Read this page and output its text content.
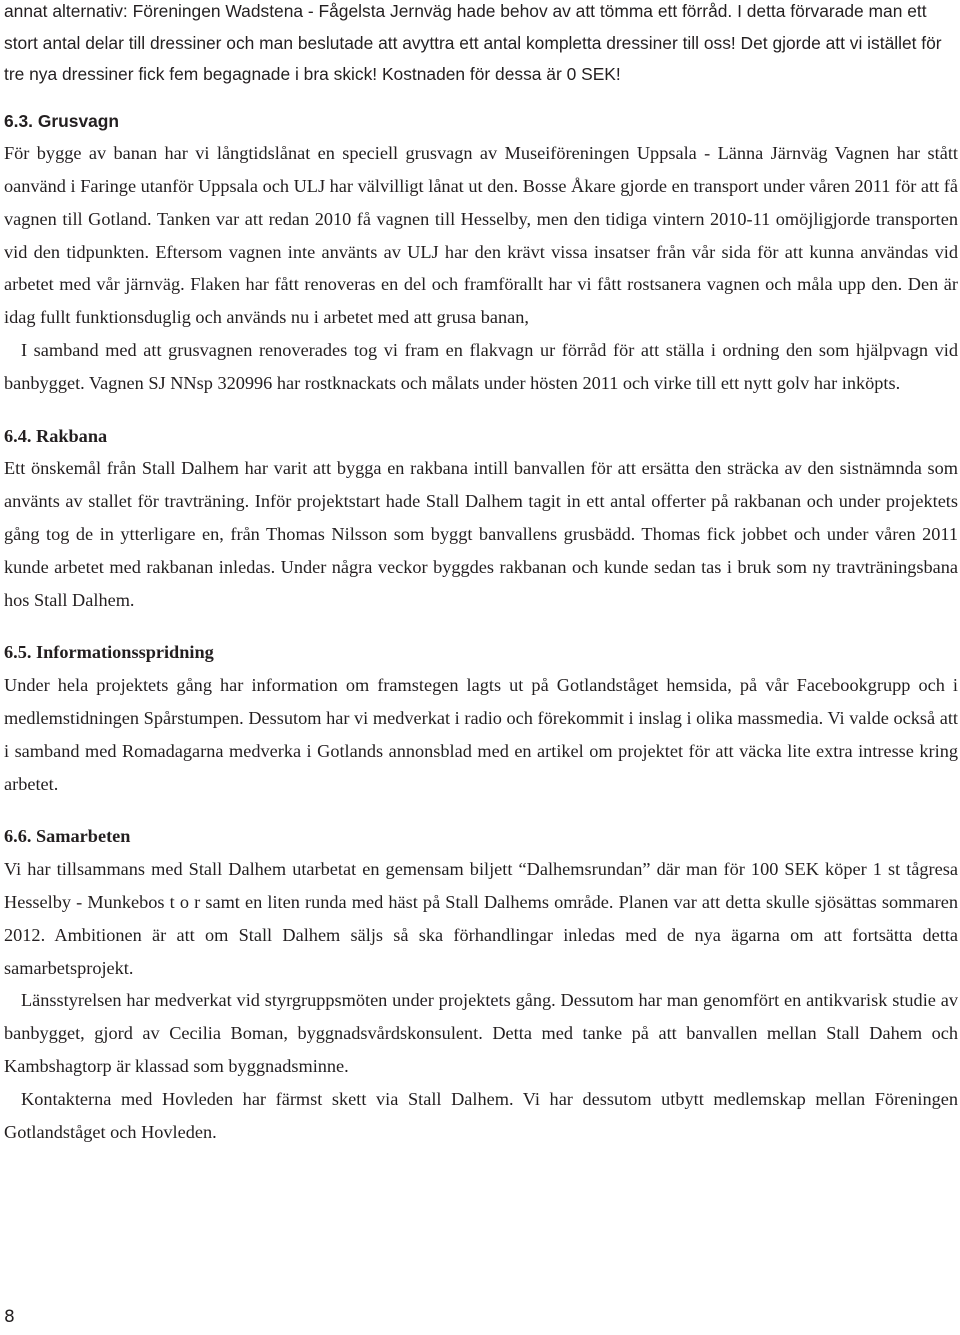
annat alternativ: Föreningen Wadstena - Fågelsta Jernväg hade behov av att tömma ett förråd. I detta förvarade man ett stort antal delar till dressiner och man beslutade att avyttra ett antal kompletta dressiner till oss! Det gjorde att vi istället för tre nya dressiner fick fem begagnade i bra skick! Kostnaden för dessa är 0 SEK!

6.3. Grusvagn

För bygge av banan har vi långtidslånat en speciell grusvagn av Museiföreningen Uppsala - Länna Järnväg Vagnen har stått oanvänd i Faringe utanför Uppsala och ULJ har välvilligt lånat ut den. Bosse Åkare gjorde en transport under våren 2011 för att få vagnen till Gotland. Tanken var att redan 2010 få vagnen till Hesselby, men den tidiga vintern 2010-11 omöjligjorde transporten vid den tidpunkten. Eftersom vagnen inte använts av ULJ har den krävt vissa insatser från vår sida för att kunna användas vid arbetet med vår järnväg. Flaken har fått renoveras en del och framförallt har vi fått rostsanera vagnen och måla upp den. Den är idag fullt funktionsduglig och används nu i arbetet med att grusa banan,

I samband med att grusvagnen renoverades tog vi fram en flakvagn ur förråd för att ställa i ordning den som hjälpvagn vid banbygget. Vagnen SJ NNsp 320996 har rostknackats och målats under hösten 2011 och virke till ett nytt golv har inköpts.

6.4. Rakbana

Ett önskemål från Stall Dalhem har varit att bygga en rakbana intill banvallen för att ersätta den sträcka av den sistnämnda som använts av stallet för travträning. Inför projektstart hade Stall Dalhem tagit in ett antal offerter på rakbanan och under projektets gång tog de in ytterligare en, från Thomas Nilsson som byggt banvallens grusbädd. Thomas fick jobbet och under våren 2011 kunde arbetet med rakbanan inledas. Under några veckor byggdes rakbanan och kunde sedan tas i bruk som ny travträningsbana hos Stall Dalhem.

6.5. Informationsspridning

Under hela projektets gång har information om framstegen lagts ut på Gotlandståget hemsida, på vår Facebookgrupp och i medlemstidningen Spårstumpen. Dessutom har vi medverkat i radio och förekommit i inslag i olika massmedia. Vi valde också att i samband med Romadagarna medverka i Gotlands annonsblad med en artikel om projektet för att väcka lite extra intresse kring arbetet.

6.6. Samarbeten

Vi har tillsammans med Stall Dalhem utarbetat en gemensam biljett “Dalhemsrundan” där man för 100 SEK köper 1 st tågresa Hesselby - Munkebos t o r samt en liten runda med häst på Stall Dalhems område. Planen var att detta skulle sjösättas sommaren 2012. Ambitionen är att om Stall Dalhem säljs så ska förhandlingar inledas med de nya ägarna om att fortsätta detta samarbetsprojekt.

Länsstyrelsen har medverkat vid styrgruppsmöten under projektets gång. Dessutom har man genomfört en antikvarisk studie av banbygget, gjord av Cecilia Boman, byggnadsvårdskonsulent. Detta med tanke på att banvallen mellan Stall Dahem och Kambshagtorp är klassad som byggnadsminne.

Kontakterna med Hovleden har färmst skett via Stall Dalhem. Vi har dessutom utbytt medlemskap mellan Föreningen Gotlandståget och Hovleden.

8
